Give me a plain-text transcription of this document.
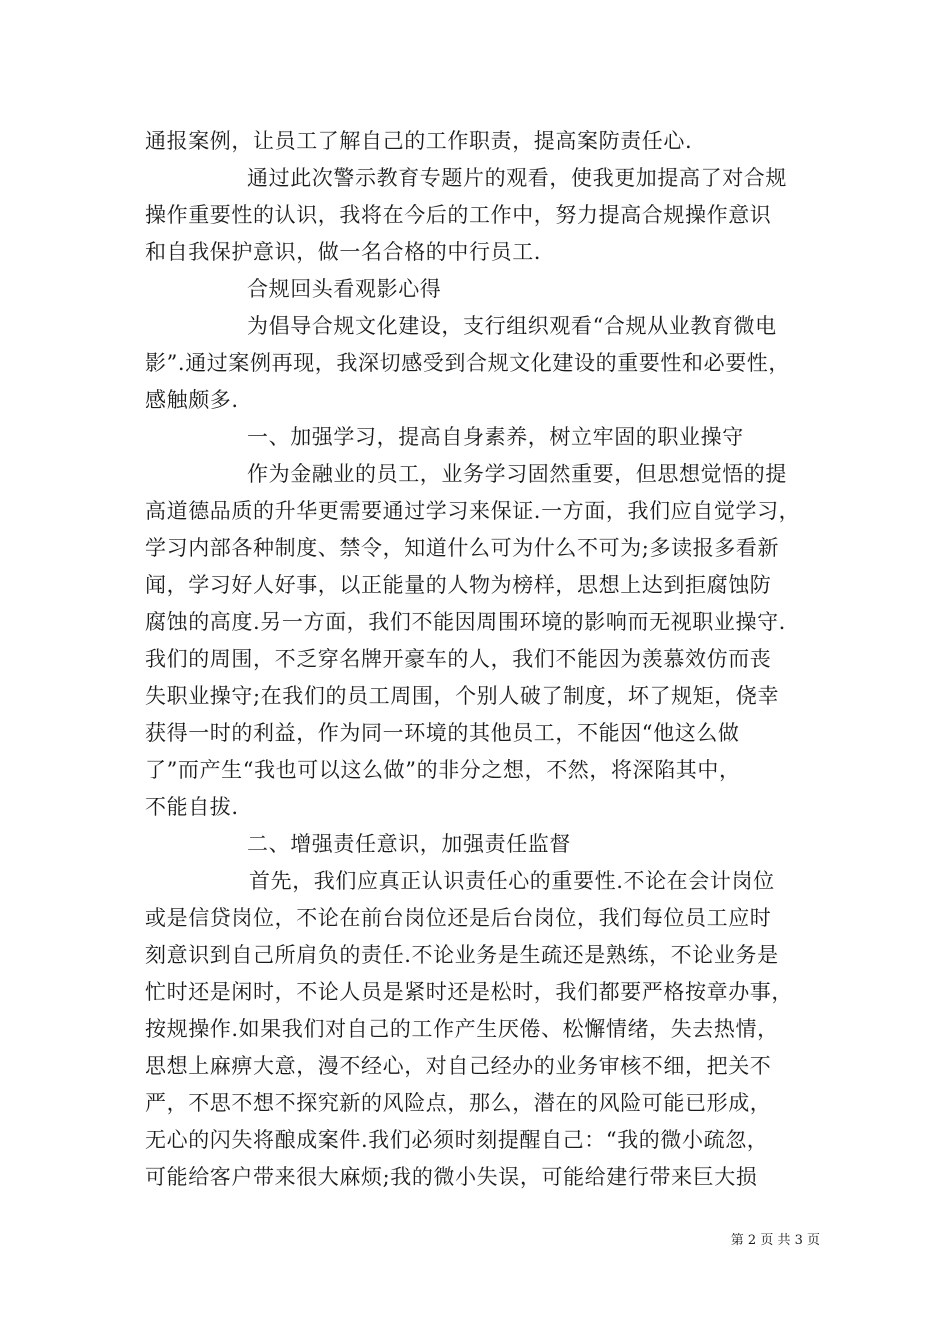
通报案例，让员工了解自己的工作职责，提高案防责任心.
通过此次警示教育专题片的观看，使我更加提高了对合规
操作重要性的认识，我将在今后的工作中，努力提高合规操作意识
和自我保护意识，做一名合格的中行员工.
合规回头看观影心得
为倡导合规文化建设，支行组织观看“合规从业教育微电
影”.通过案例再现，我深切感受到合规文化建设的重要性和必要性，
感触颇多.
一、加强学习，提高自身素养，树立牢固的职业操守
作为金融业的员工，业务学习固然重要，但思想觉悟的提
高道德品质的升华更需要通过学习来保证.一方面，我们应自觉学习，
学习内部各种制度、禁令，知道什么可为什么不可为;多读报多看新
闻，学习好人好事，以正能量的人物为榜样，思想上达到拒腐蚀防
腐蚀的高度.另一方面，我们不能因周围环境的影响而无视职业操守.
我们的周围，不乏穿名牌开豪车的人，我们不能因为羡慕效仿而丧
失职业操守;在我们的员工周围，个别人破了制度，坏了规矩，侥幸
获得一时的利益，作为同一环境的其他员工，不能因“他这么做
了”而产生“我也可以这么做”的非分之想，不然，将深陷其中，
不能自拔.
二、增强责任意识，加强责任监督
首先，我们应真正认识责任心的重要性.不论在会计岗位
或是信贷岗位，不论在前台岗位还是后台岗位，我们每位员工应时
刻意识到自己所肩负的责任.不论业务是生疏还是熟练，不论业务是
忙时还是闲时，不论人员是紧时还是松时，我们都要严格按章办事，
按规操作.如果我们对自己的工作产生厌倦、松懈情绪，失去热情，
思想上麻痹大意，漫不经心，对自己经办的业务审核不细，把关不
严，不思不想不探究新的风险点，那么，潜在的风险可能已形成，
无心的闪失将酿成案件.我们必须时刻提醒自己：“我的微小疏忽，
可能给客户带来很大麻烦;我的微小失误，可能给建行带来巨大损
第 2 页 共 3 页
